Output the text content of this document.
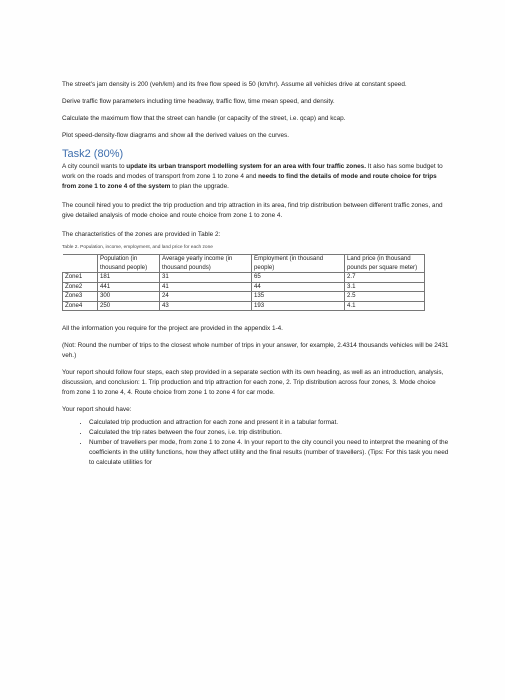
The street's jam density is 200 (veh/km) and its free flow speed is 50 (km/hr). Assume all vehicles drive at constant speed.

Derive traffic flow parameters including time headway, traffic flow, time mean speed, and density.

Calculate the maximum flow that the street can handle (or capacity of the street, i.e. qcap) and kcap.

Plot speed-density-flow diagrams and show all the derived values on the curves.

Task2 (80%)

A city council wants to update its urban transport modelling system for an area with four traffic zones. It also has some budget to work on the roads and modes of transport from zone 1 to zone 4 and needs to find the details of mode and route choice for trips from zone 1 to zone 4 of the system to plan the upgrade.

The council hired you to predict the trip production and trip attraction in its area, find trip distribution between different traffic zones, and give detailed analysis of mode choice and route choice from zone 1 to zone 4.

The characteristics of the zones are provided in Table 2:

Table 2. Population, income, employment, and land price for each zone
	Population (in thousand people)	Average yearly income (in thousand pounds)	Employment (in thousand people)	Land price (in thousand pounds per square meter)
Zone1	181	31	65	2.7
Zone2	441	41	44	3.1
Zone3	300	24	135	2.5
Zone4	250	43	193	4.1

All the information you require for the project are provided in the appendix 1-4.

(Not: Round the number of trips to the closest whole number of trips in your answer, for example, 2.4314 thousands vehicles will be 2431 veh.)

Your report should follow four steps, each step provided in a separate section with its own heading, as well as an introduction, analysis, discussion, and conclusion: 1. Trip production and trip attraction for each zone, 2. Trip distribution across four zones, 3. Mode choice from zone 1 to zone 4, 4. Route choice from zone 1 to zone 4 for car mode.

Your report should have:

• Calculated trip production and attraction for each zone and present it in a tabular format.
• Calculated the trip rates between the four zones, i.e. trip distribution.
• Number of travellers per mode, from zone 1 to zone 4. In your report to the city council you need to interpret the meaning of the coefficients in the utility functions, how they affect utility and the final results (number of travellers). (Tips: For this task you need to calculate utilities for
